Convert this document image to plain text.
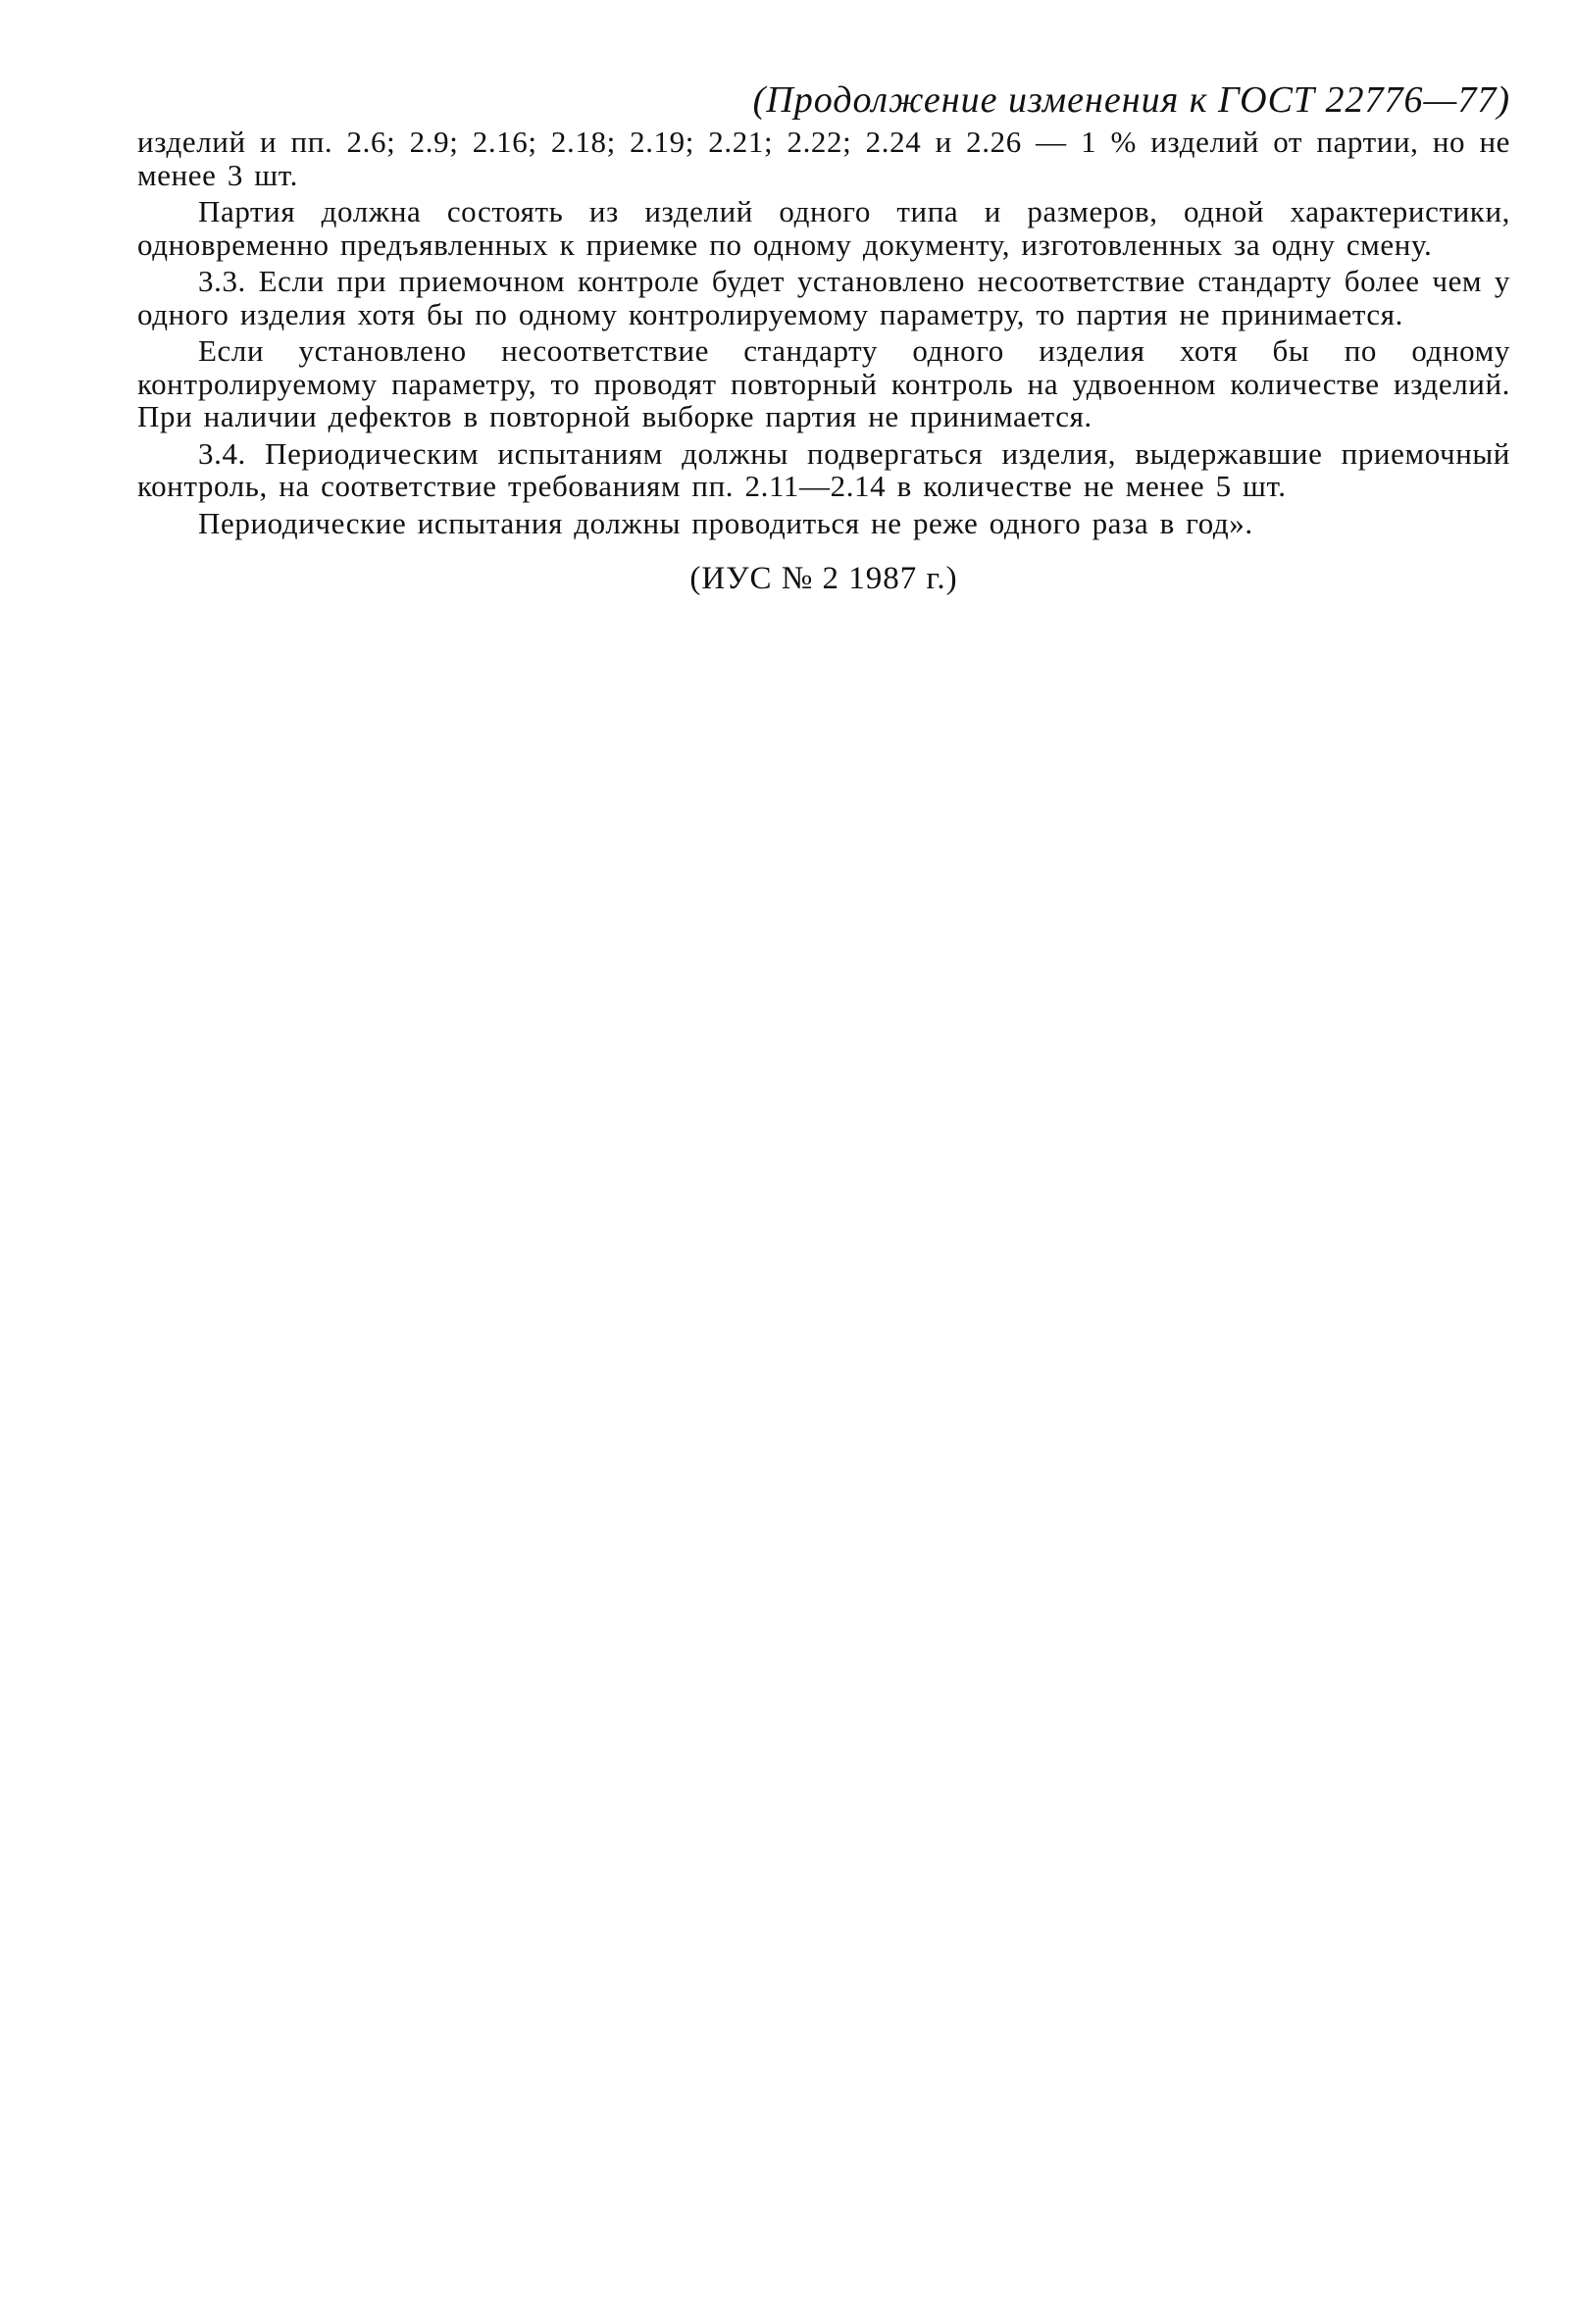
(Продолжение изменения к ГОСТ 22776—77)

изделий и пп. 2.6; 2.9; 2.16; 2.18; 2.19; 2.21; 2.22; 2.24 и 2.26 — 1 % изделий от партии, но не менее 3 шт.

Партия должна состоять из изделий одного типа и размеров, одной характеристики, одновременно предъявленных к приемке по одному документу, изготовленных за одну смену.

3.3. Если при приемочном контроле будет установлено несоответствие стандарту более чем у одного изделия хотя бы по одному контролируемому параметру, то партия не принимается.

Если установлено несоответствие стандарту одного изделия хотя бы по одному контролируемому параметру, то проводят повторный контроль на удвоенном количестве изделий. При наличии дефектов в повторной выборке партия не принимается.

3.4. Периодическим испытаниям должны подвергаться изделия, выдержавшие приемочный контроль, на соответствие требованиям пп. 2.11—2.14 в количестве не менее 5 шт.

Периодические испытания должны проводиться не реже одного раза в год».

(ИУС № 2 1987 г.)
